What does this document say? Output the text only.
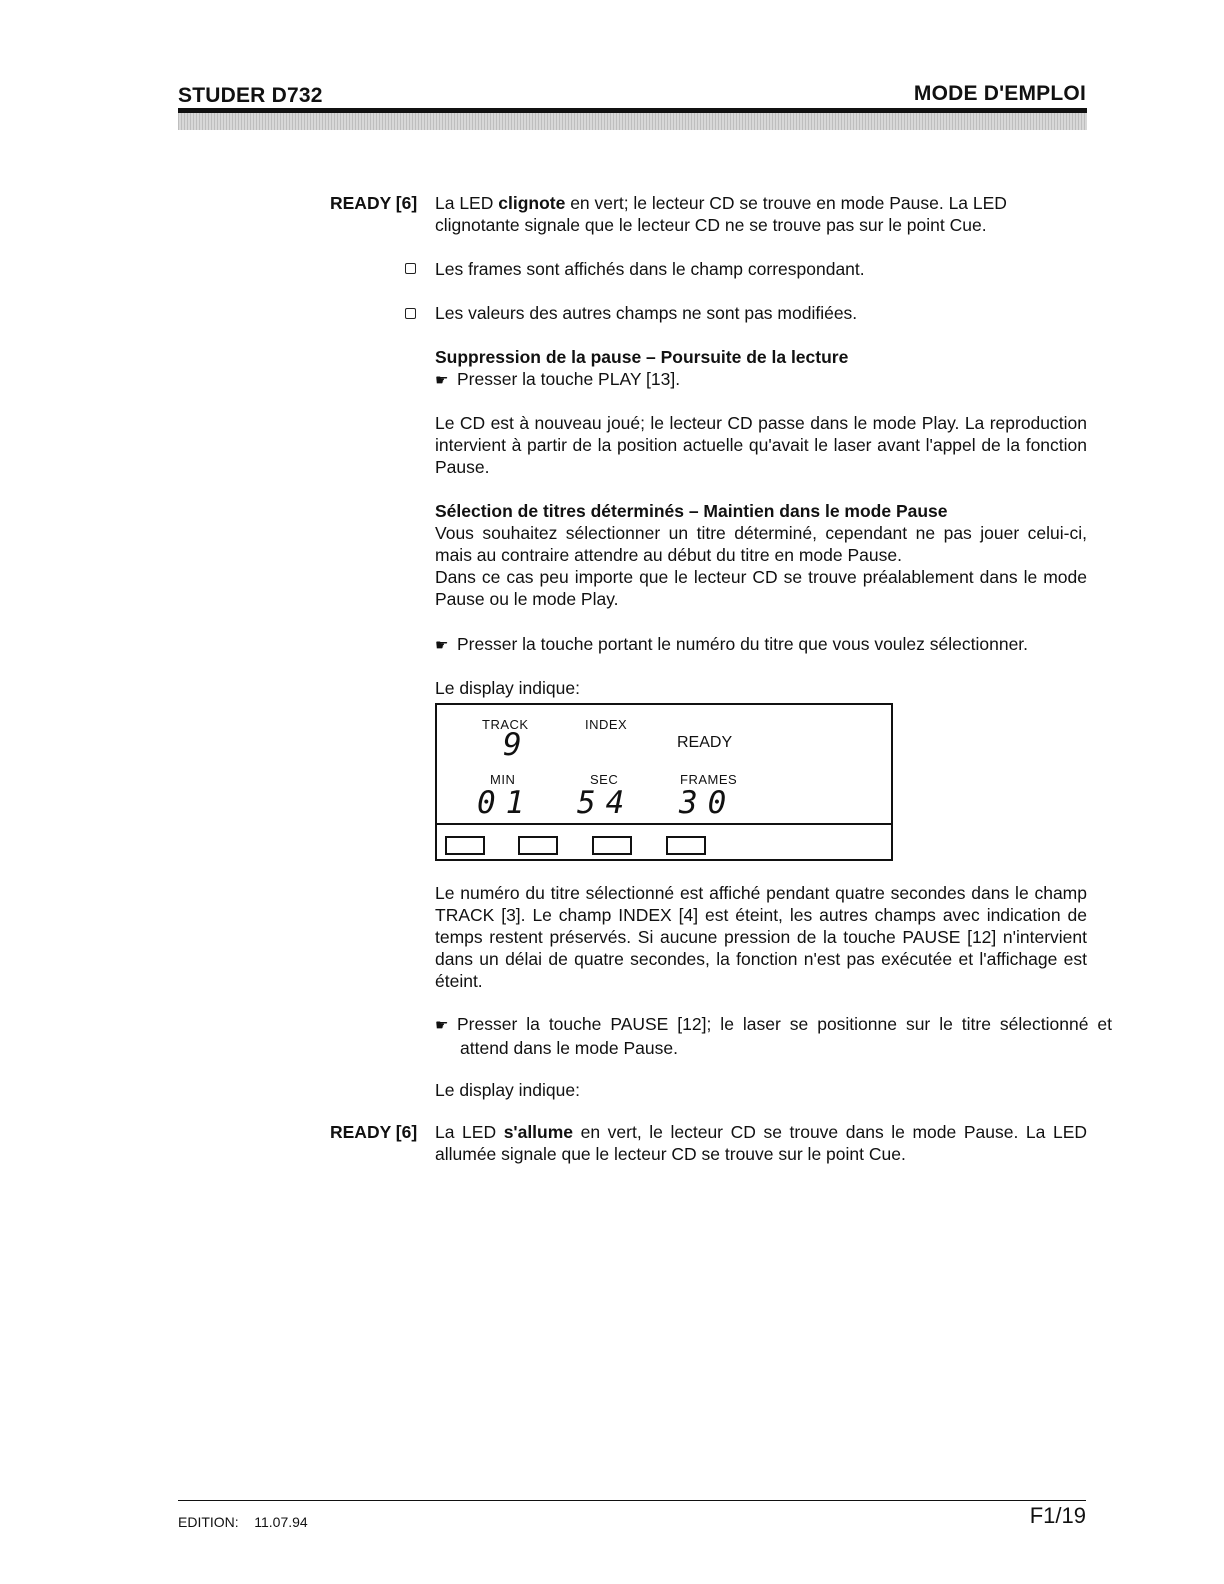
STUDER D732	MODE D'EMPLOI
READY [6] La LED clignote en vert; le lecteur CD se trouve en mode Pause. La LED clignotante signale que le lecteur CD ne se trouve pas sur le point Cue.
Les frames sont affichés dans le champ correspondant.
Les valeurs des autres champs ne sont pas modifiées.
Suppression de la pause – Poursuite de la lecture
☛ Presser la touche PLAY [13].
Le CD est à nouveau joué; le lecteur CD passe dans le mode Play. La reproduction intervient à partir de la position actuelle qu'avait le laser avant l'appel de la fonction Pause.
Sélection de titres déterminés – Maintien dans le mode Pause
Vous souhaitez sélectionner un titre déterminé, cependant ne pas jouer celui-ci, mais au contraire attendre au début du titre en mode Pause.
Dans ce cas peu importe que le lecteur CD se trouve préalablement dans le mode Pause ou le mode Play.
☛ Presser la touche portant le numéro du titre que vous voulez sélectionner.
Le display indique:
TRACK	INDEX
9	READY
MIN	SEC	FRAMES
01 54 30
Le numéro du titre sélectionné est affiché pendant quatre secondes dans le champ TRACK [3]. Le champ INDEX [4] est éteint, les autres champs avec indication de temps restent préservés. Si aucune pression de la touche PAUSE [12] n'intervient dans un délai de quatre secondes, la fonction n'est pas exécutée et l'affichage est éteint.
☛ Presser la touche PAUSE [12]; le laser se positionne sur le titre sélectionné et attend dans le mode Pause.
Le display indique:
READY [6] La LED s'allume en vert, le lecteur CD se trouve dans le mode Pause. La LED allumée signale que le lecteur CD se trouve sur le point Cue.
EDITION: 11.07.94	F1/19
